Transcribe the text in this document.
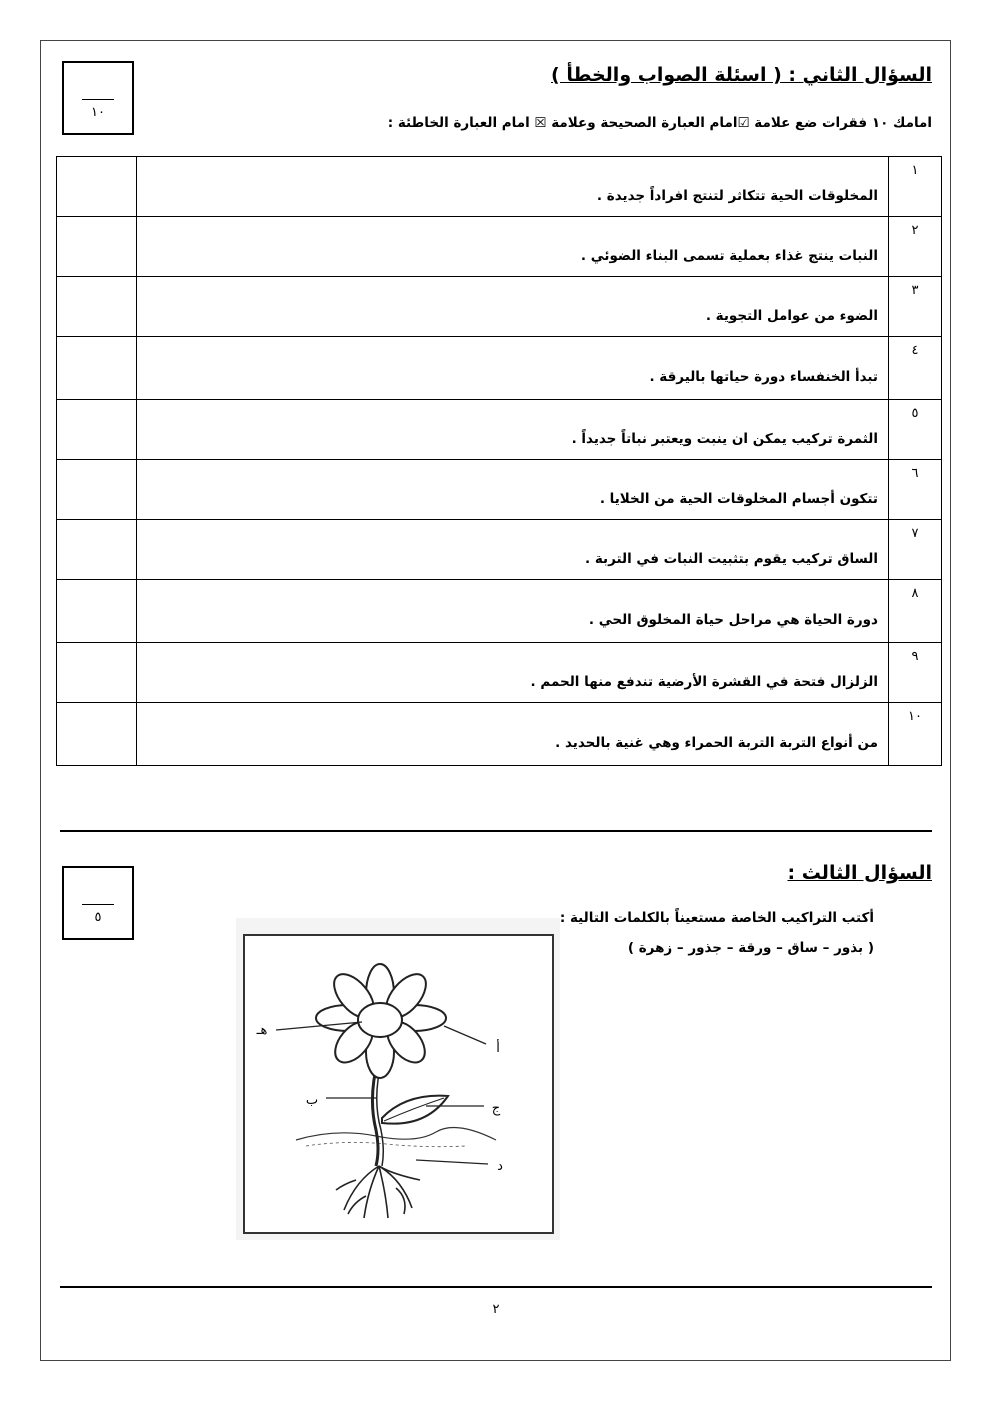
السؤال الثاني : ( اسئلة الصواب والخطأ )
امامك ١٠ فقرات ضع علامة ☑امام العبارة الصحيحة وعلامة ☒ امام العبارة الخاطئة :
١٠
	المخلوقات الحية تتكاثر لتنتج افراداً جديدة .	١
	النبات ينتج غذاء بعملية تسمى البناء الضوئي .	٢
	الضوء من عوامل التجوية .	٣
	تبدأ الخنفساء دورة حياتها باليرقة .	٤
	الثمرة تركيب يمكن ان ينبت ويعتبر نباتاً جديداً .	٥
	تتكون أجسام المخلوقات الحية من الخلايا .	٦
	الساق تركيب يقوم بتثبيت النبات في التربة .	٧
	دورة الحياة هي مراحل حياة المخلوق الحي .	٨
	الزلزال فتحة في القشرة الأرضية تندفع منها الحمم .	٩
	من أنواع التربة التربة الحمراء وهي غنية بالحديد .	١٠
السؤال الثالث :
٥	أكتب التراكيب الخاصة مستعيناً بالكلمات التالية :
( بذور – ساق – ورقة – جذور – زهرة )
هـ
أ
ب
ج
د
٢
